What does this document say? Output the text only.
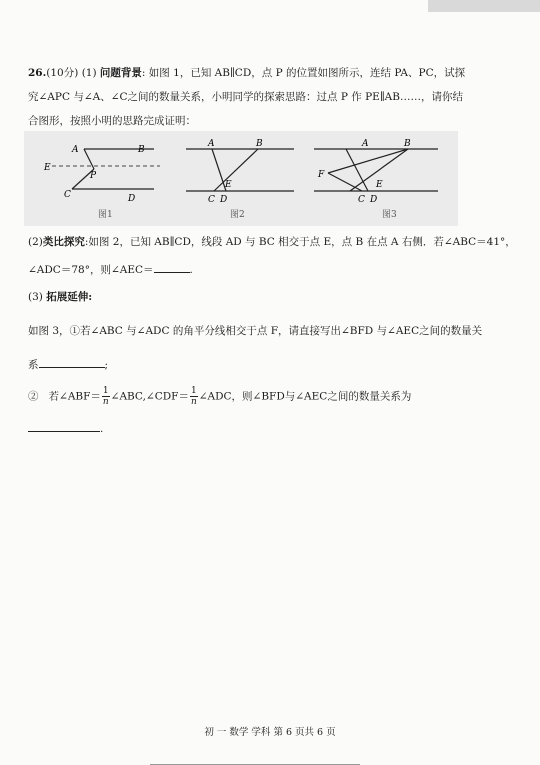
26.(10分) (1) 问题背景: 如图 1，已知 AB∥CD，点 P 的位置如图所示，连结 PA、PC，试探
究∠APC 与∠A、∠C之间的数量关系，小明同学的探索思路：过点 P 作 PE∥AB……，请你结
合图形，按照小明的思路完成证明：
A	B
E
P
C	D
图1
A	B
E
C D
图2
A	B
F
E
C D
图3
(2)类比探究:如图 2，已知 AB∥CD，线段 AD 与 BC 相交于点 E，点 B 在点 A 右侧．若∠ABC＝41°，
∠ADC＝78°，则∠AEC＝	.
(3) 拓展延伸:
如图 3，①若∠ABC 与∠ADC 的角平分线相交于点 F，请直接写出∠BFD 与∠AEC之间的数量关
系	;
② 若∠ABF＝ $\frac{1}{n}$ ∠ABC,∠CDF＝ $\frac{1}{n}$ ∠ADC，则∠BFD与∠AEC之间的数量关系为
.
初 一 数学 学科 第 6 页共 6 页
